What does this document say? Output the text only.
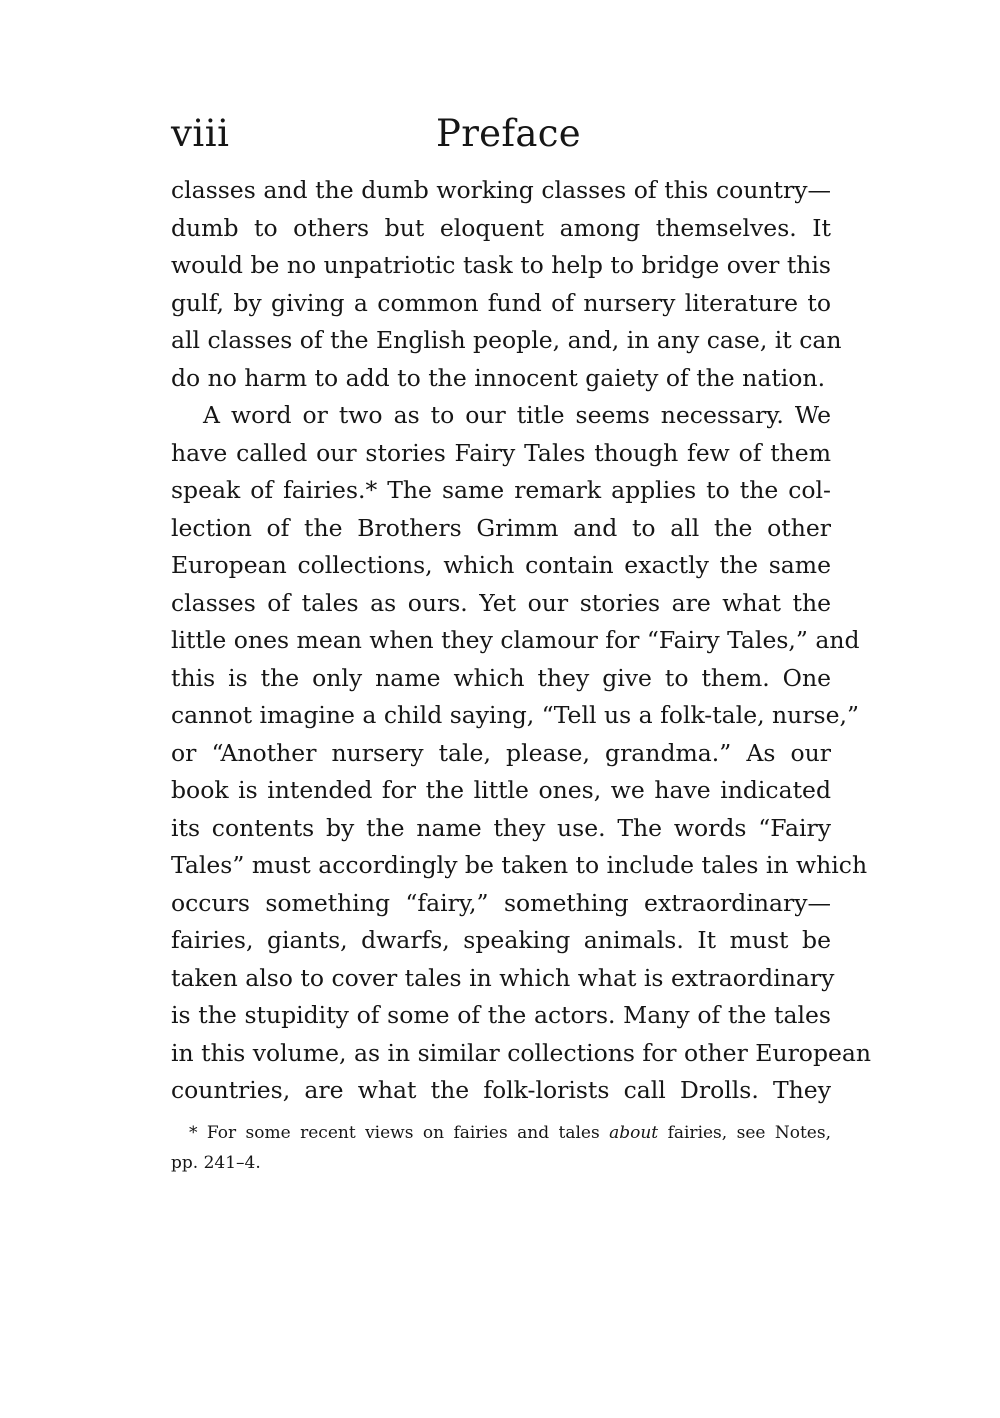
viii	Preface
classes and the dumb working classes of this country—
dumb to others but eloquent among themselves. It
would be no unpatriotic task to help to bridge over this
gulf, by giving a common fund of nursery literature to
all classes of the English people, and, in any case, it can
do no harm to add to the innocent gaiety of the nation.
A word or two as to our title seems necessary. We
have called our stories Fairy Tales though few of them
speak of fairies.* The same remark applies to the col-
lection of the Brothers Grimm and to all the other
European collections, which contain exactly the same
classes of tales as ours. Yet our stories are what the
little ones mean when they clamour for “Fairy Tales,” and
this is the only name which they give to them. One
cannot imagine a child saying, “Tell us a folk-tale, nurse,”
or “Another nursery tale, please, grandma.” As our
book is intended for the little ones, we have indicated
its contents by the name they use. The words “Fairy
Tales” must accordingly be taken to include tales in which
occurs something “fairy,” something extraordinary—
fairies, giants, dwarfs, speaking animals. It must be
taken also to cover tales in which what is extraordinary
is the stupidity of some of the actors. Many of the tales
in this volume, as in similar collections for other European
countries, are what the folk-lorists call Drolls. They
* For some recent views on fairies and tales about fairies, see Notes,
pp. 241–4.
